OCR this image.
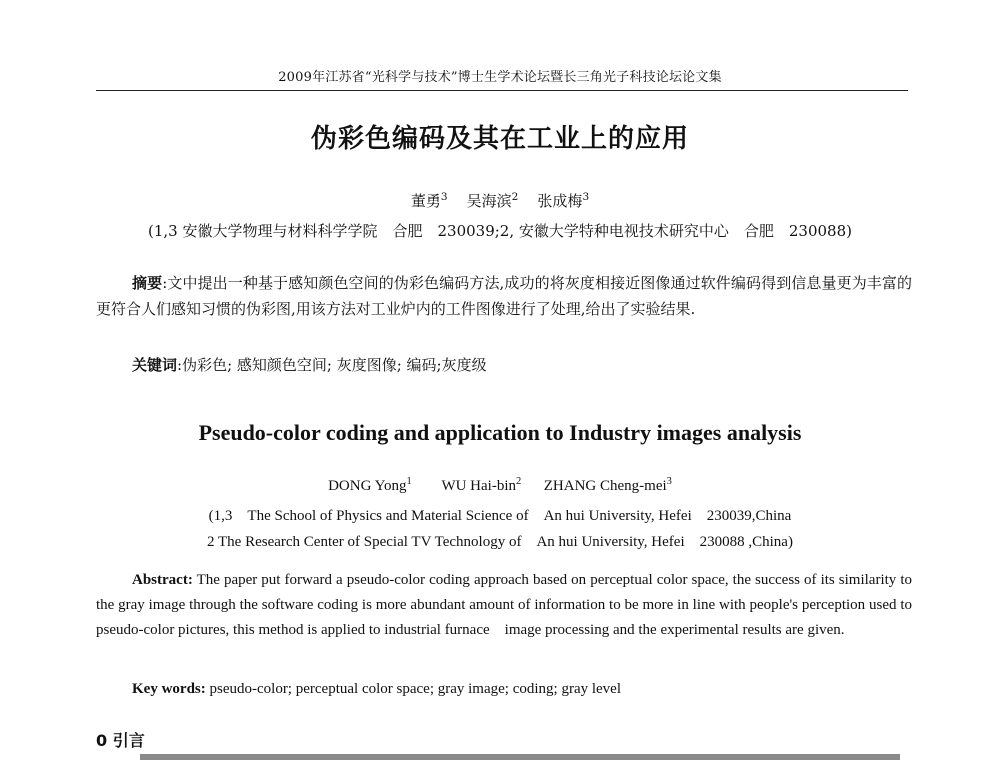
2009年江苏省“光科学与技术”博士生学术论坛暨长三角光子科技论坛论文集
伪彩色编码及其在工业上的应用
董勇$^3$ 吴海滨$^2$ 张成梅$^3$
(1,3 安徽大学物理与材料科学学院　合肥　230039;2, 安徽大学特种电视技术研究中心　合肥　230088)
摘要:文中提出一种基于感知颜色空间的伪彩色编码方法,成功的将灰度相接近图像通过软件编码得到信息量更为丰富的更符合人们感知习惯的伪彩图,用该方法对工业炉内的工件图像进行了处理,给出了实验结果.
关键词:伪彩色; 感知颜色空间; 灰度图像; 编码;灰度级
Pseudo-color coding and application to Industry images analysis
DONG Yong$^1$ WU Hai-bin$^2$ ZHANG Cheng-mei$^3$
(1,3　The School of Physics and Material Science of　An hui University, Hefei　230039,China
2 The Research Center of Special TV Technology of　An hui University, Hefei　230088 ,China)
Abstract: The paper put forward a pseudo-color coding approach based on perceptual color space, the success of its similarity to the gray image through the software coding is more abundant amount of information to be more in line with people's perception used to pseudo-color pictures, this method is applied to industrial furnace　image processing and the experimental results are given.
Key words: pseudo-color; perceptual color space; gray image; coding; gray level
0 引言
